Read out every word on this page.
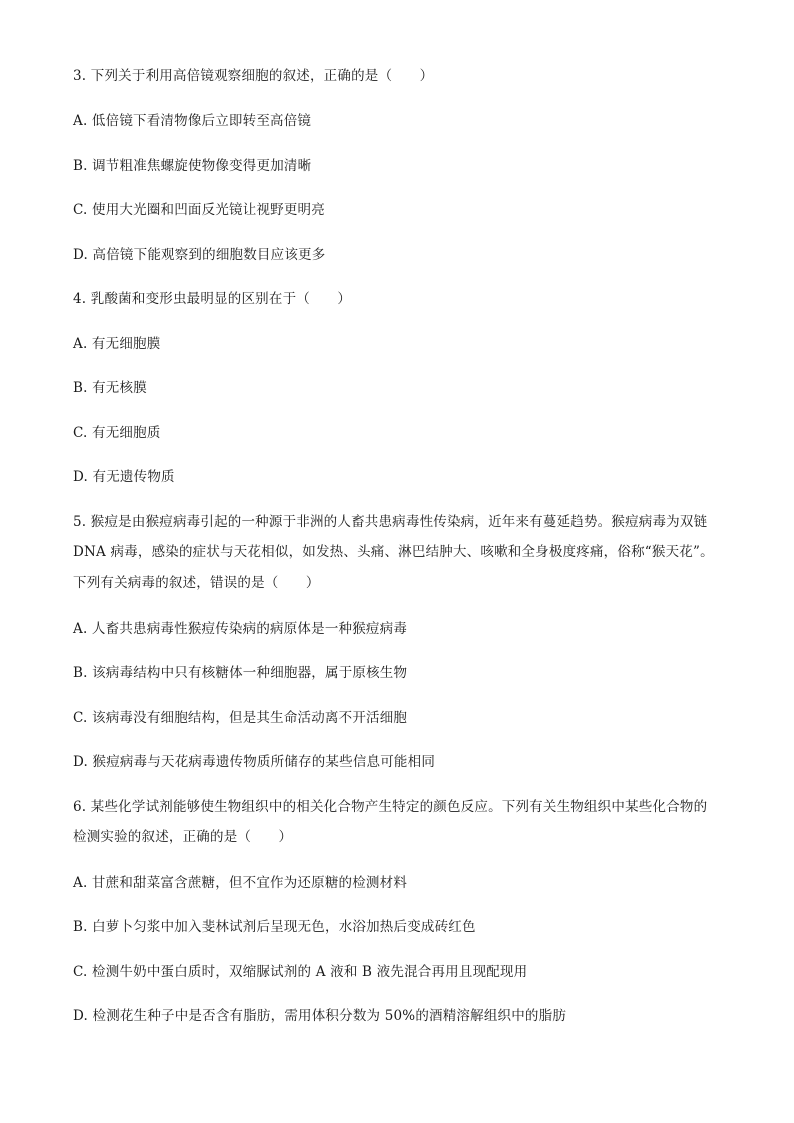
3. 下列关于利用高倍镜观察细胞的叙述，正确的是（　　）
A. 低倍镜下看清物像后立即转至高倍镜
B. 调节粗准焦螺旋使物像变得更加清晰
C. 使用大光圈和凹面反光镜让视野更明亮
D. 高倍镜下能观察到的细胞数目应该更多
4. 乳酸菌和变形虫最明显的区别在于（　　）
A. 有无细胞膜
B. 有无核膜
C. 有无细胞质
D. 有无遗传物质
5. 猴痘是由猴痘病毒引起的一种源于非洲的人畜共患病毒性传染病，近年来有蔓延趋势。猴痘病毒为双链
DNA 病毒，感染的症状与天花相似，如发热、头痛、淋巴结肿大、咳嗽和全身极度疼痛，俗称“猴天花”。
下列有关病毒的叙述，错误的是（　　）
A. 人畜共患病毒性猴痘传染病的病原体是一种猴痘病毒
B. 该病毒结构中只有核糖体一种细胞器，属于原核生物
C. 该病毒没有细胞结构，但是其生命活动离不开活细胞
D. 猴痘病毒与天花病毒遗传物质所储存的某些信息可能相同
6. 某些化学试剂能够使生物组织中的相关化合物产生特定的颜色反应。下列有关生物组织中某些化合物的
检测实验的叙述，正确的是（　　）
A. 甘蔗和甜菜富含蔗糖，但不宜作为还原糖的检测材料
B. 白萝卜匀浆中加入斐林试剂后呈现无色，水浴加热后变成砖红色
C. 检测牛奶中蛋白质时，双缩脲试剂的 A 液和 B 液先混合再用且现配现用
D. 检测花生种子中是否含有脂肪，需用体积分数为 50%的酒精溶解组织中的脂肪
